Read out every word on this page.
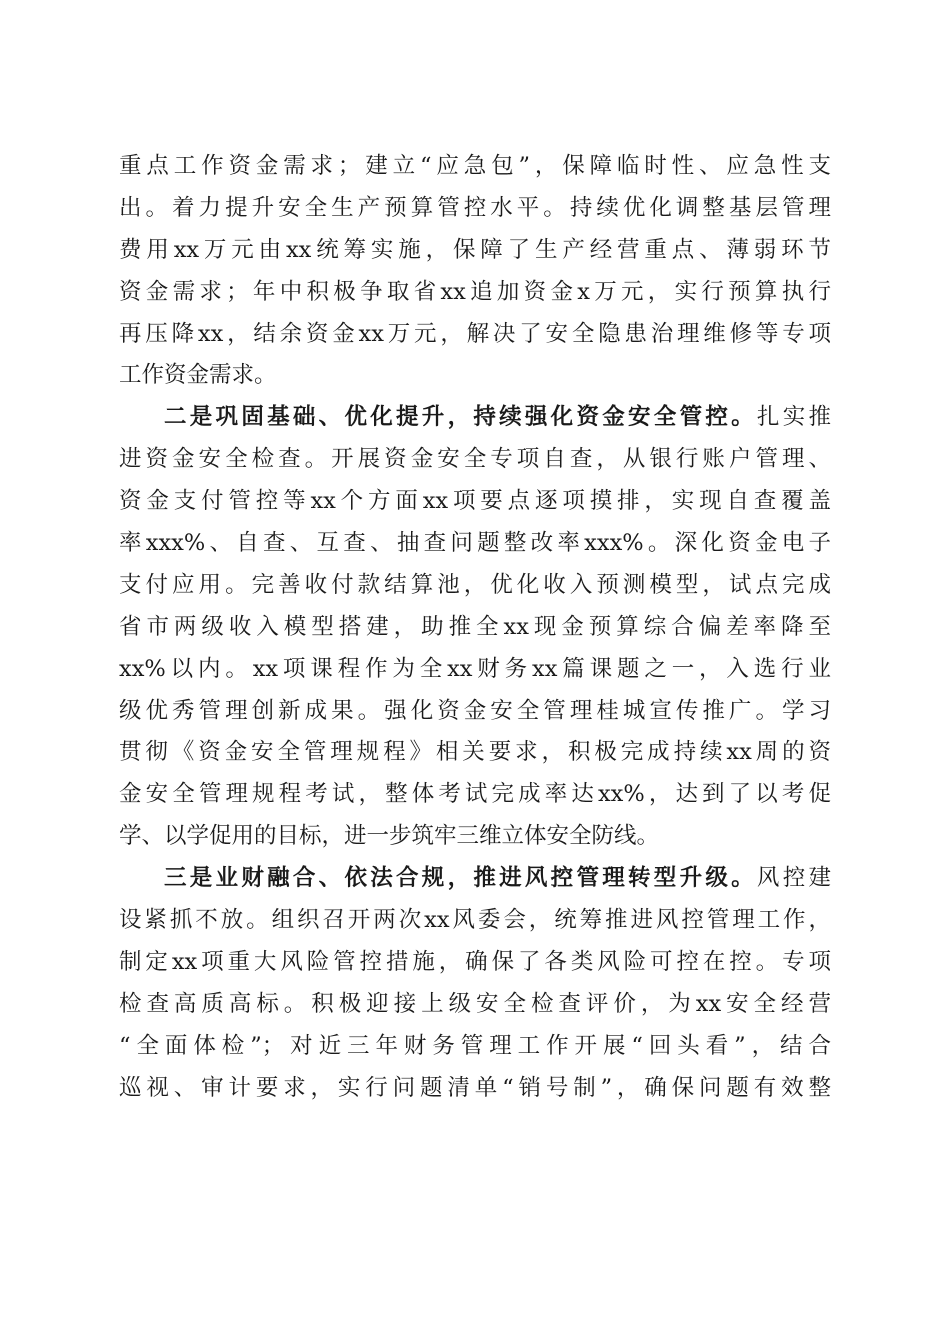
重点工作资金需求；建立“应急包”，保障临时性、应急性支
出。着力提升安全生产预算管控水平。持续优化调整基层管理
费用xx万元由xx统筹实施，保障了生产经营重点、薄弱环节
资金需求；年中积极争取省xx追加资金x万元，实行预算执行
再压降xx，结余资金xx万元，解决了安全隐患治理维修等专项
工作资金需求。
二是巩固基础、优化提升，持续强化资金安全管控。扎实推
进资金安全检查。开展资金安全专项自查，从银行账户管理、
资金支付管控等xx个方面xx项要点逐项摸排，实现自查覆盖
率xxx%、自查、互查、抽查问题整改率xxx%。深化资金电子
支付应用。完善收付款结算池，优化收入预测模型，试点完成
省市两级收入模型搭建，助推全xx现金预算综合偏差率降至
xx%以内。xx项课程作为全xx财务xx篇课题之一，入选行业
级优秀管理创新成果。强化资金安全管理桂城宣传推广。学习
贯彻《资金安全管理规程》相关要求，积极完成持续xx周的资
金安全管理规程考试，整体考试完成率达xx%，达到了以考促
学、以学促用的目标，进一步筑牢三维立体安全防线。
三是业财融合、依法合规，推进风控管理转型升级。风控建
设紧抓不放。组织召开两次xx风委会，统筹推进风控管理工作，
制定xx项重大风险管控措施，确保了各类风险可控在控。专项
检查高质高标。积极迎接上级安全检查评价，为xx安全经营
“全面体检”；对近三年财务管理工作开展“回头看”，结合
巡视、审计要求，实行问题清单“销号制”，确保问题有效整
